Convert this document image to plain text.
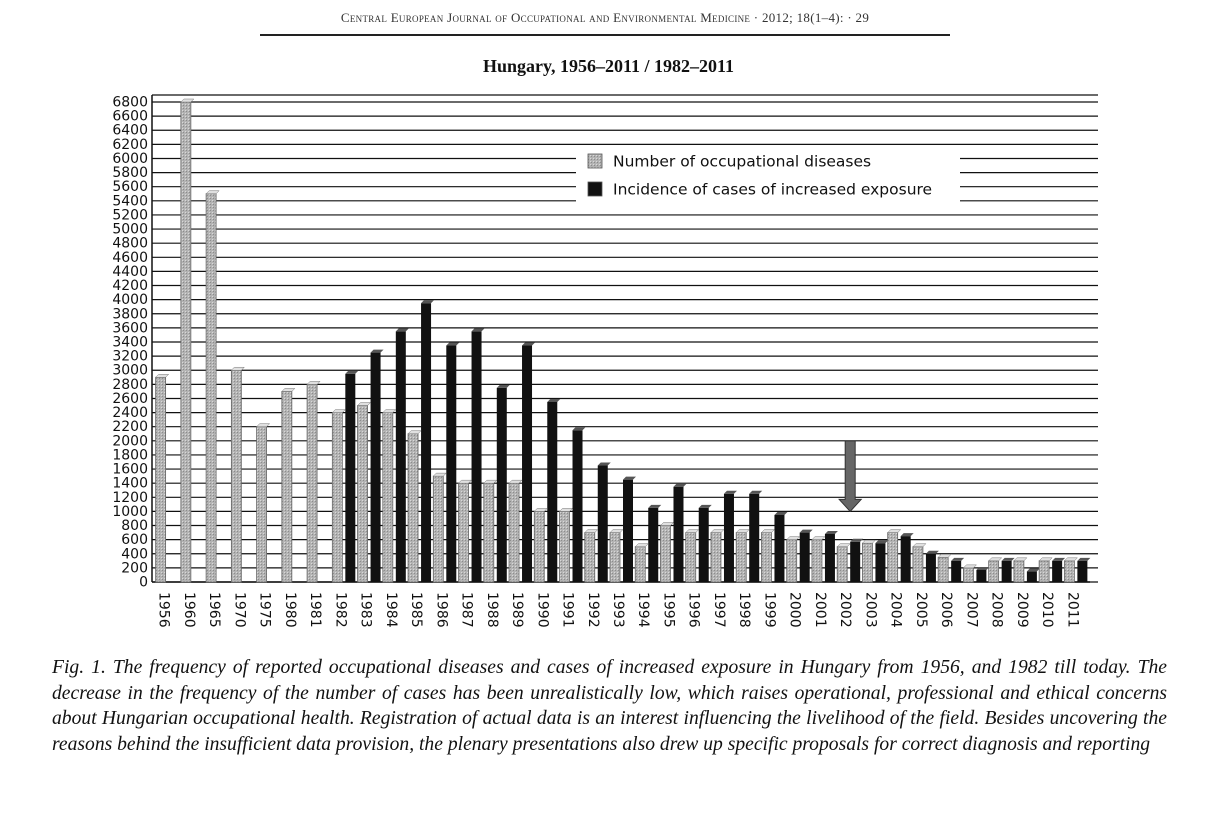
Central European Journal of Occupational and Environmental Medicine · 2012; 18(1–4): · 29
Hungary, 1956–2011 / 1982–2011
0
200
400
600
800
1000
1200
1400
1600
1800
2000
2200
2400
2600
2800
3000
3200
3400
3600
3800
4000
4200
4400
4600
4800
5000
5200
5400
5600
5800
6000
6200
6400
6600
6800
1956 1960 1965 1970 1975 1980 1981 1982 1983 1984 1985 1986 1987 1988 1989 1990 1991 1992 1993 1994 1995 1996 1997 1998 1999 2000 2001 2002 2003 2004 2005 2006 2007 2008 2009 2010 2011
Number of occupational diseases
Incidence of cases of increased exposure
Fig. 1. The frequency of reported occupational diseases and cases of increased exposure in Hungary from 1956, and 1982 till today. The decrease in the frequency of the number of cases has been unrealistically low, which raises operational, professional and ethical concerns about Hungarian occupational health. Registration of actual data is an interest influencing the livelihood of the field. Besides uncovering the reasons behind the insufficient data provision, the plenary presentations also drew up specific proposals for correct diagnosis and reporting
